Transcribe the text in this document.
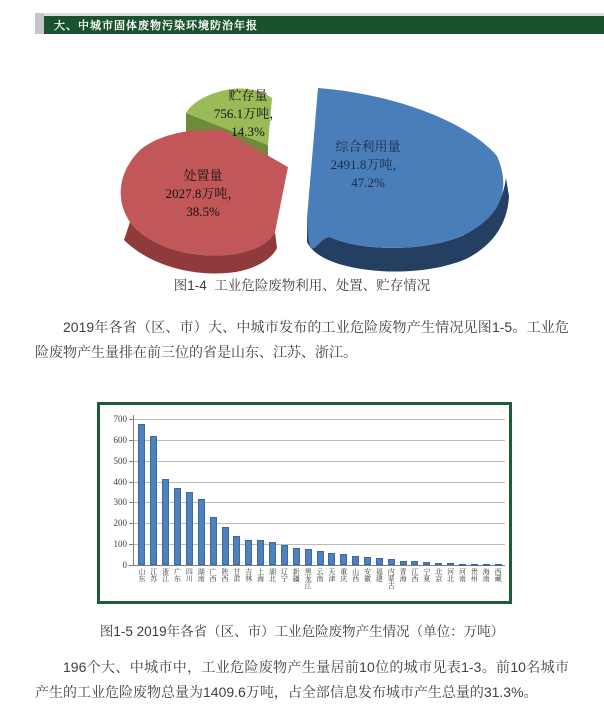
大、中城市固体废物污染环境防治年报
贮存量
756.1万吨，
14.3%
处置量
2027.8万吨，
38.5%
综合利用量
2491.8万吨，
47.2%
图1-4  工业危险废物利用、处置、贮存情况
2019年各省（区、市）大、中城市发布的工业危险废物产生情况见图1-5。工业危险废物产生量排在前三位的省是山东、江苏、浙江。
0
100
200
300
400
500
600
700
山东 江苏 浙江 广东 四川 湖南 广西 陕西 甘肃 吉林 上海 湖北 辽宁 新疆 黑龙江 云南 天津 重庆 山西 安徽 福建 内蒙古 青海 江西 宁夏 北京 河北 河南 贵州 海南 西藏
图1-5 2019年各省（区、市）工业危险废物产生情况（单位：万吨）
196个大、中城市中，工业危险废物产生量居前10位的城市见表1-3。前10名城市产生的工业危险废物总量为1409.6万吨，占全部信息发布城市产生总量的31.3%。
